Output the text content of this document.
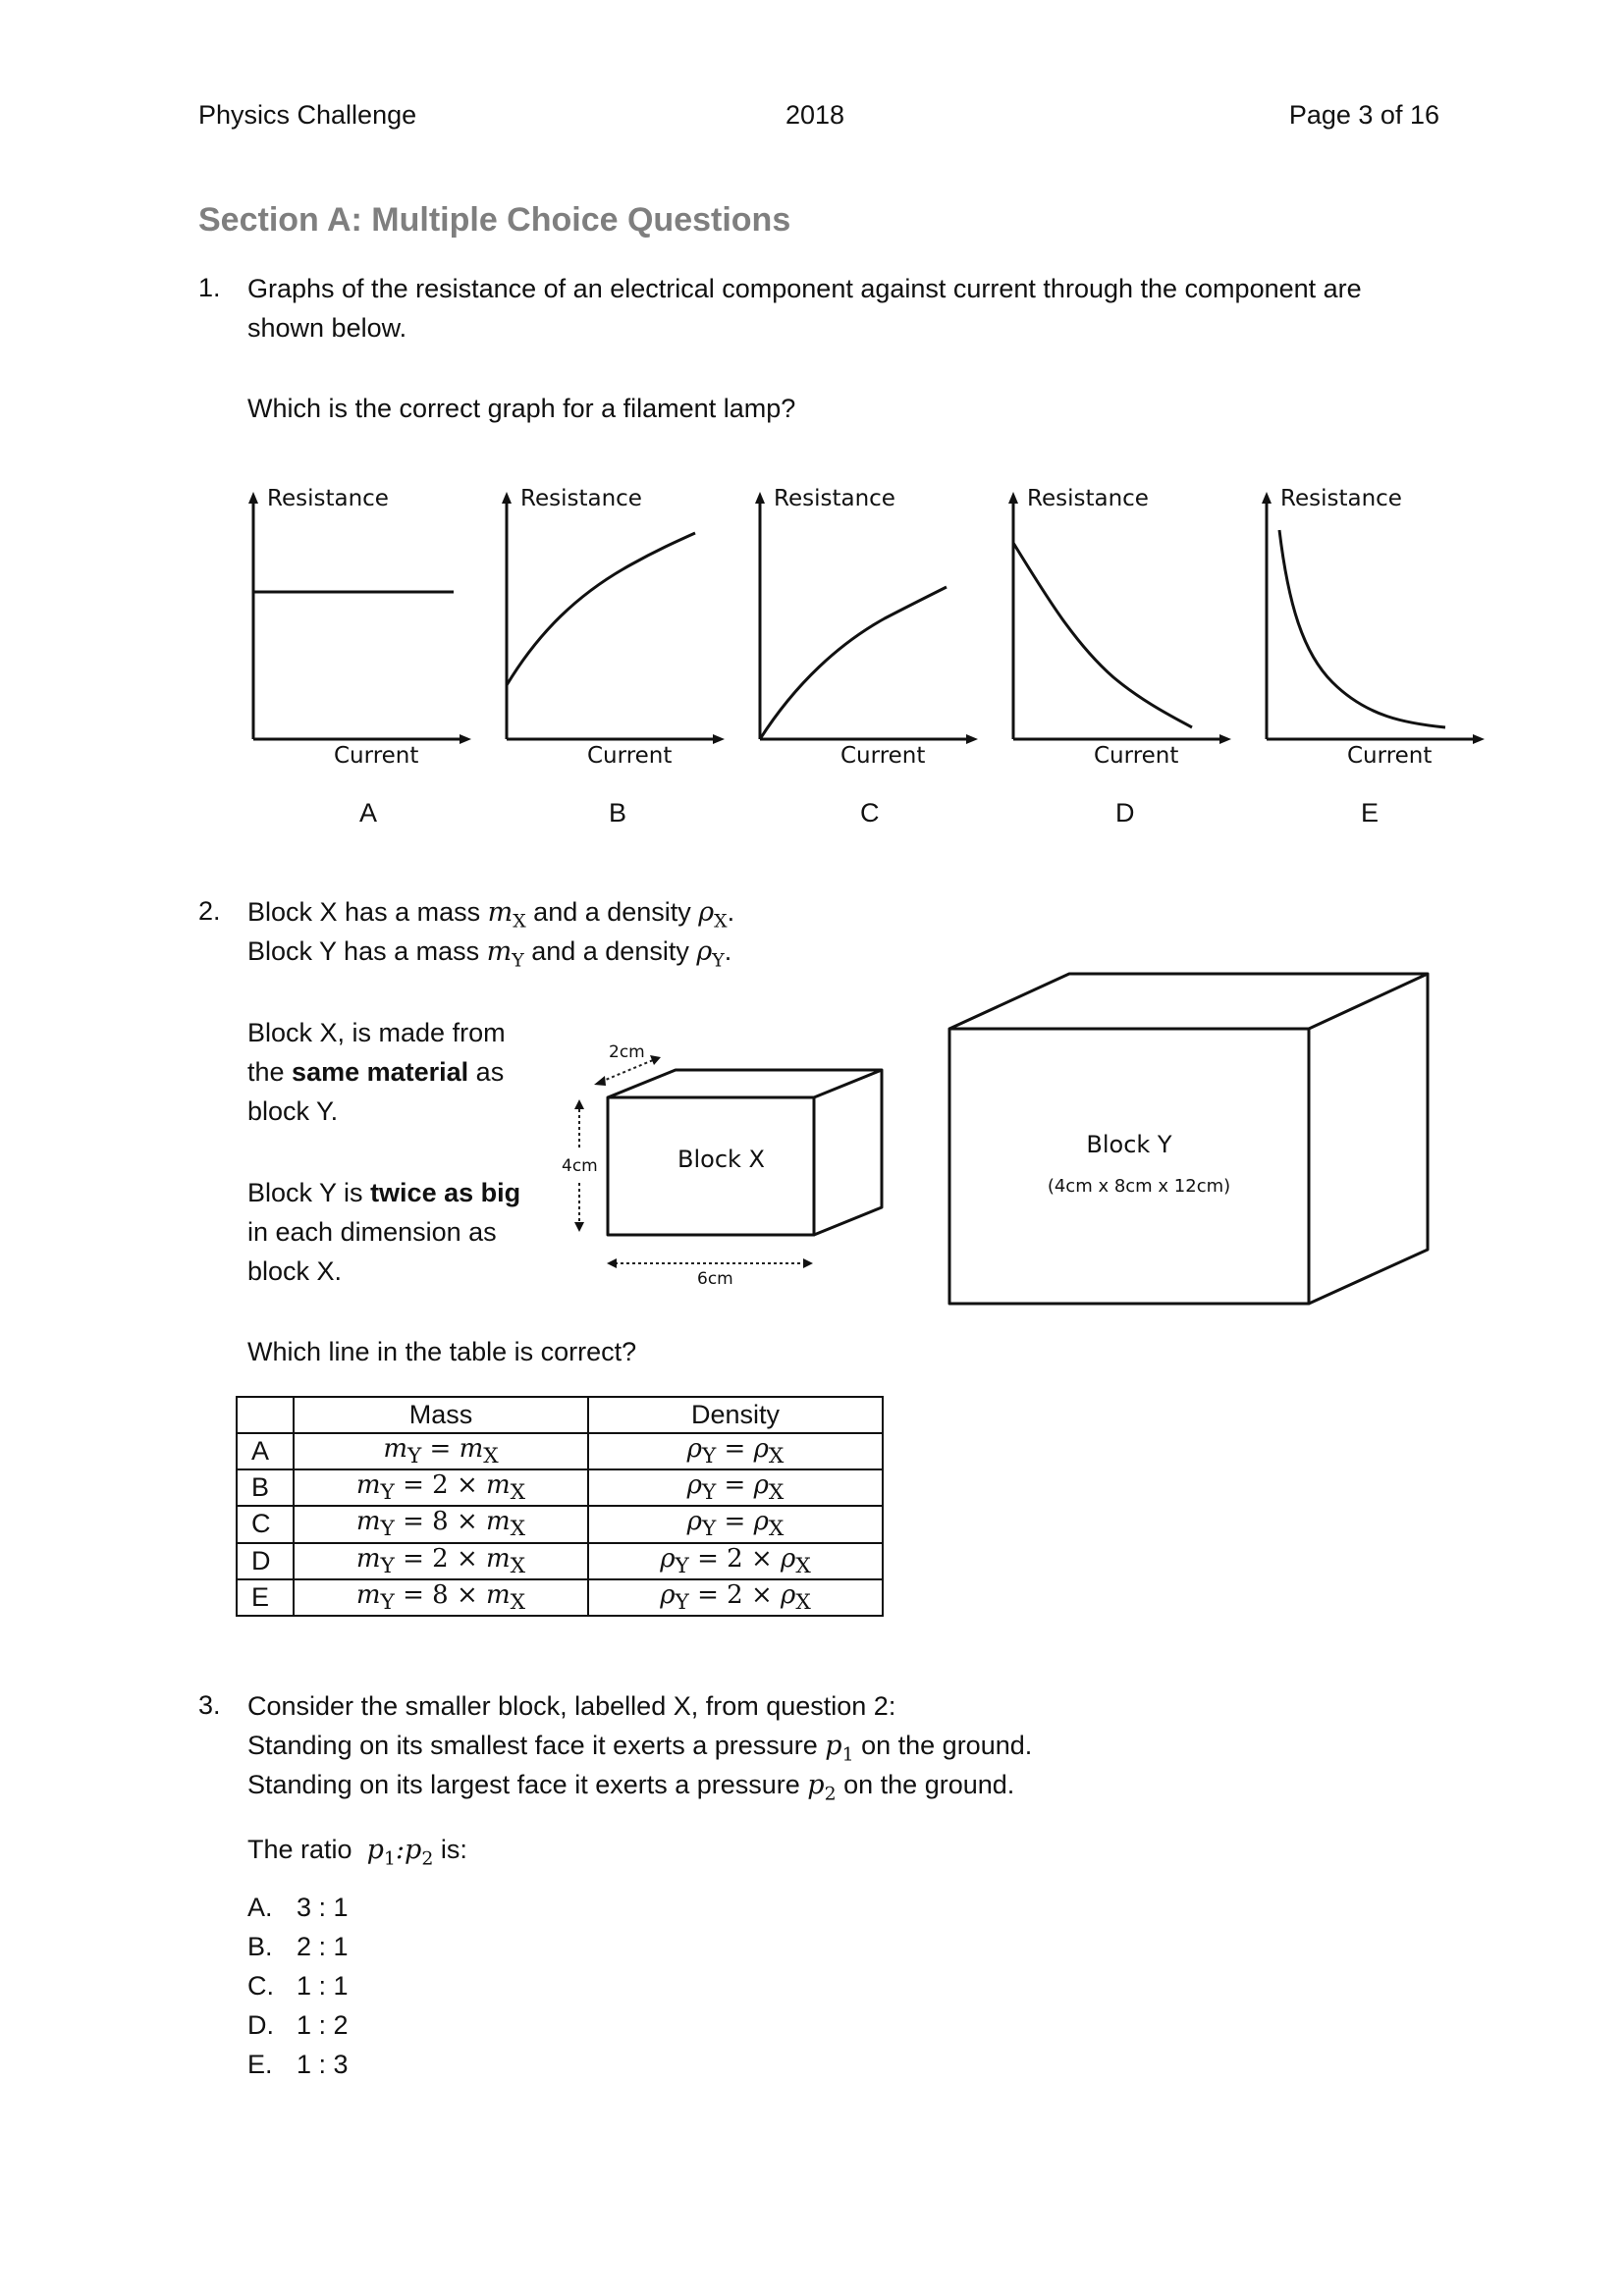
Physics Challenge	2018	Page 3 of 16
Section A: Multiple Choice Questions
1. Graphs of the resistance of an electrical component against current through the component are
shown below.
Which is the correct graph for a filament lamp?
Resistance
Current
A
Resistance
Current
B
Resistance
Current
C
Resistance
Current
D
Resistance
Current
E
2. Block X has a mass $m_X$ and a density $\rho_X$.
Block Y has a mass $m_Y$ and a density $\rho_Y$.
Block X, is made from
the same material as
block Y.
Block Y is twice as big
in each dimension as
block X.
2cm
4cm
6cm
Block X
Block Y
(4cm x 8cm x 12cm)
Which line in the table is correct?
	Mass	Density
A	$m_Y = m_X$	$\rho_Y = \rho_X$
B	$m_Y = 2 \times m_X$	$\rho_Y = \rho_X$
C	$m_Y = 8 \times m_X$	$\rho_Y = \rho_X$
D	$m_Y = 2 \times m_X$	$\rho_Y = 2 \times \rho_X$
E	$m_Y = 8 \times m_X$	$\rho_Y = 2 \times \rho_X$
3. Consider the smaller block, labelled X, from question 2:
Standing on its smallest face it exerts a pressure $p_1$ on the ground.
Standing on its largest face it exerts a pressure $p_2$ on the ground.
The ratio  $p_1:p_2$ is:
A. 3 : 1
B. 2 : 1
C. 1 : 1
D. 1 : 2
E. 1 : 3
